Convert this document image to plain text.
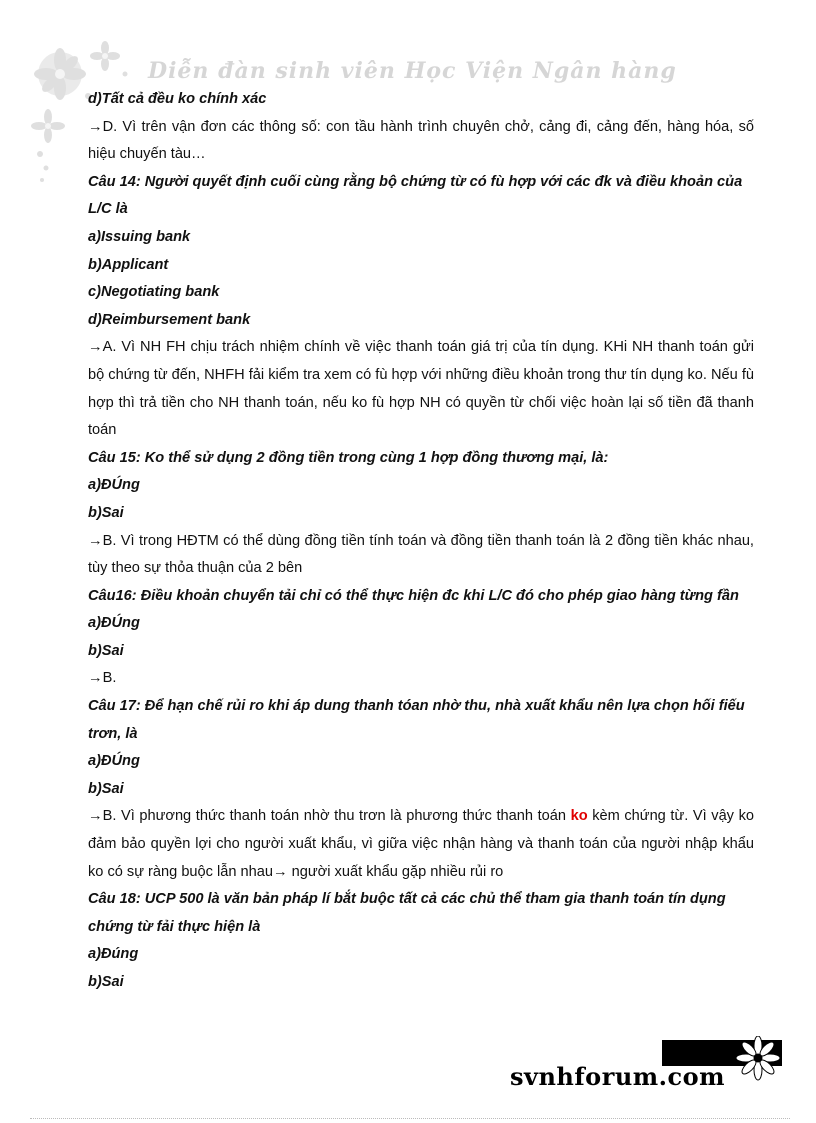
Diễn đàn sinh viên Học Viện Ngân hàng

d)Tất cả đều ko chính xác

→D. Vì trên vận đơn các thông số: con tầu hành trình chuyên chở, cảng đi, cảng đến, hàng hóa, số hiệu chuyến tàu…

Câu 14: Người quyết định cuối cùng rằng bộ chứng từ có fù hợp với các đk và điều khoản của L/C là

a)Issuing bank

b)Applicant

c)Negotiating bank

d)Reimbursement bank

→A. Vì NH FH chịu trách nhiệm chính về việc thanh toán giá trị của tín dụng. KHi NH thanh toán gửi bộ chứng từ đến, NHFH fải kiểm tra xem có fù hợp với những điều khoản trong thư tín dụng ko. Nếu fù hợp thì trả tiền cho NH thanh toán, nếu ko fù hợp NH có quyền từ chối việc hoàn lại số tiền đã thanh toán

Câu 15: Ko thể sử dụng 2 đồng tiền trong cùng 1 hợp đồng thương mại, là:

a)ĐÚng

b)Sai

→B. Vì trong HĐTM có thể dùng đồng tiền tính toán và đồng tiền thanh toán là 2 đồng tiền khác nhau, tùy theo sự thỏa thuận của 2 bên

Câu16: Điều khoản chuyển tải chỉ có thể thực hiện đc khi L/C đó cho phép giao hàng từng fần

a)ĐÚng

b)Sai

→B.

Câu 17: Để hạn chế rủi ro khi áp dung thanh tóan nhờ thu, nhà xuất khẩu nên lựa chọn hối fiếu trơn, là

a)ĐÚng

b)Sai

→B. Vì phương thức thanh toán nhờ thu trơn là phương thức thanh toán ko kèm chứng từ. Vì vậy ko đảm bảo quyền lợi cho người xuất khẩu, vì giữa việc nhận hàng và thanh toán của người nhập khẩu ko có sự ràng buộc lẫn nhau→ người xuất khẩu gặp nhiều rủi ro

Câu 18: UCP 500 là văn bản pháp lí bắt buộc tất cả các chủ thể tham gia thanh toán tín dụng chứng từ fải thực hiện là

a)Đúng

b)Sai

svnhforum.com
